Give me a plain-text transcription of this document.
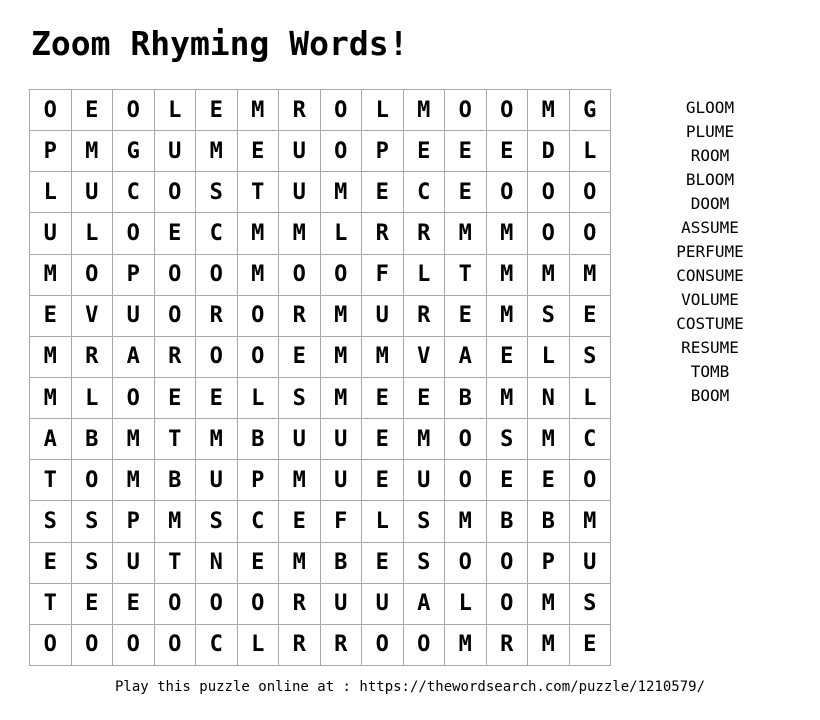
Zoom Rhyming Words!
O	E	O	L	E	M	R	O	L	M	O	O	M	G
P	M	G	U	M	E	U	O	P	E	E	E	D	L
L	U	C	O	S	T	U	M	E	C	E	O	O	O
U	L	O	E	C	M	M	L	R	R	M	M	O	O
M	O	P	O	O	M	O	O	F	L	T	M	M	M
E	V	U	O	R	O	R	M	U	R	E	M	S	E
M	R	A	R	O	O	E	M	M	V	A	E	L	S
M	L	O	E	E	L	S	M	E	E	B	M	N	L
A	B	M	T	M	B	U	U	E	M	O	S	M	C
T	O	M	B	U	P	M	U	E	U	O	E	E	O
S	S	P	M	S	C	E	F	L	S	M	B	B	M
E	S	U	T	N	E	M	B	E	S	O	O	P	U
T	E	E	O	O	O	R	U	U	A	L	O	M	S
O	O	O	O	C	L	R	R	O	O	M	R	M	E
GLOOM
PLUME
ROOM
BLOOM
DOOM
ASSUME
PERFUME
CONSUME
VOLUME
COSTUME
RESUME
TOMB
BOOM
Play this puzzle online at : https://thewordsearch.com/puzzle/1210579/
